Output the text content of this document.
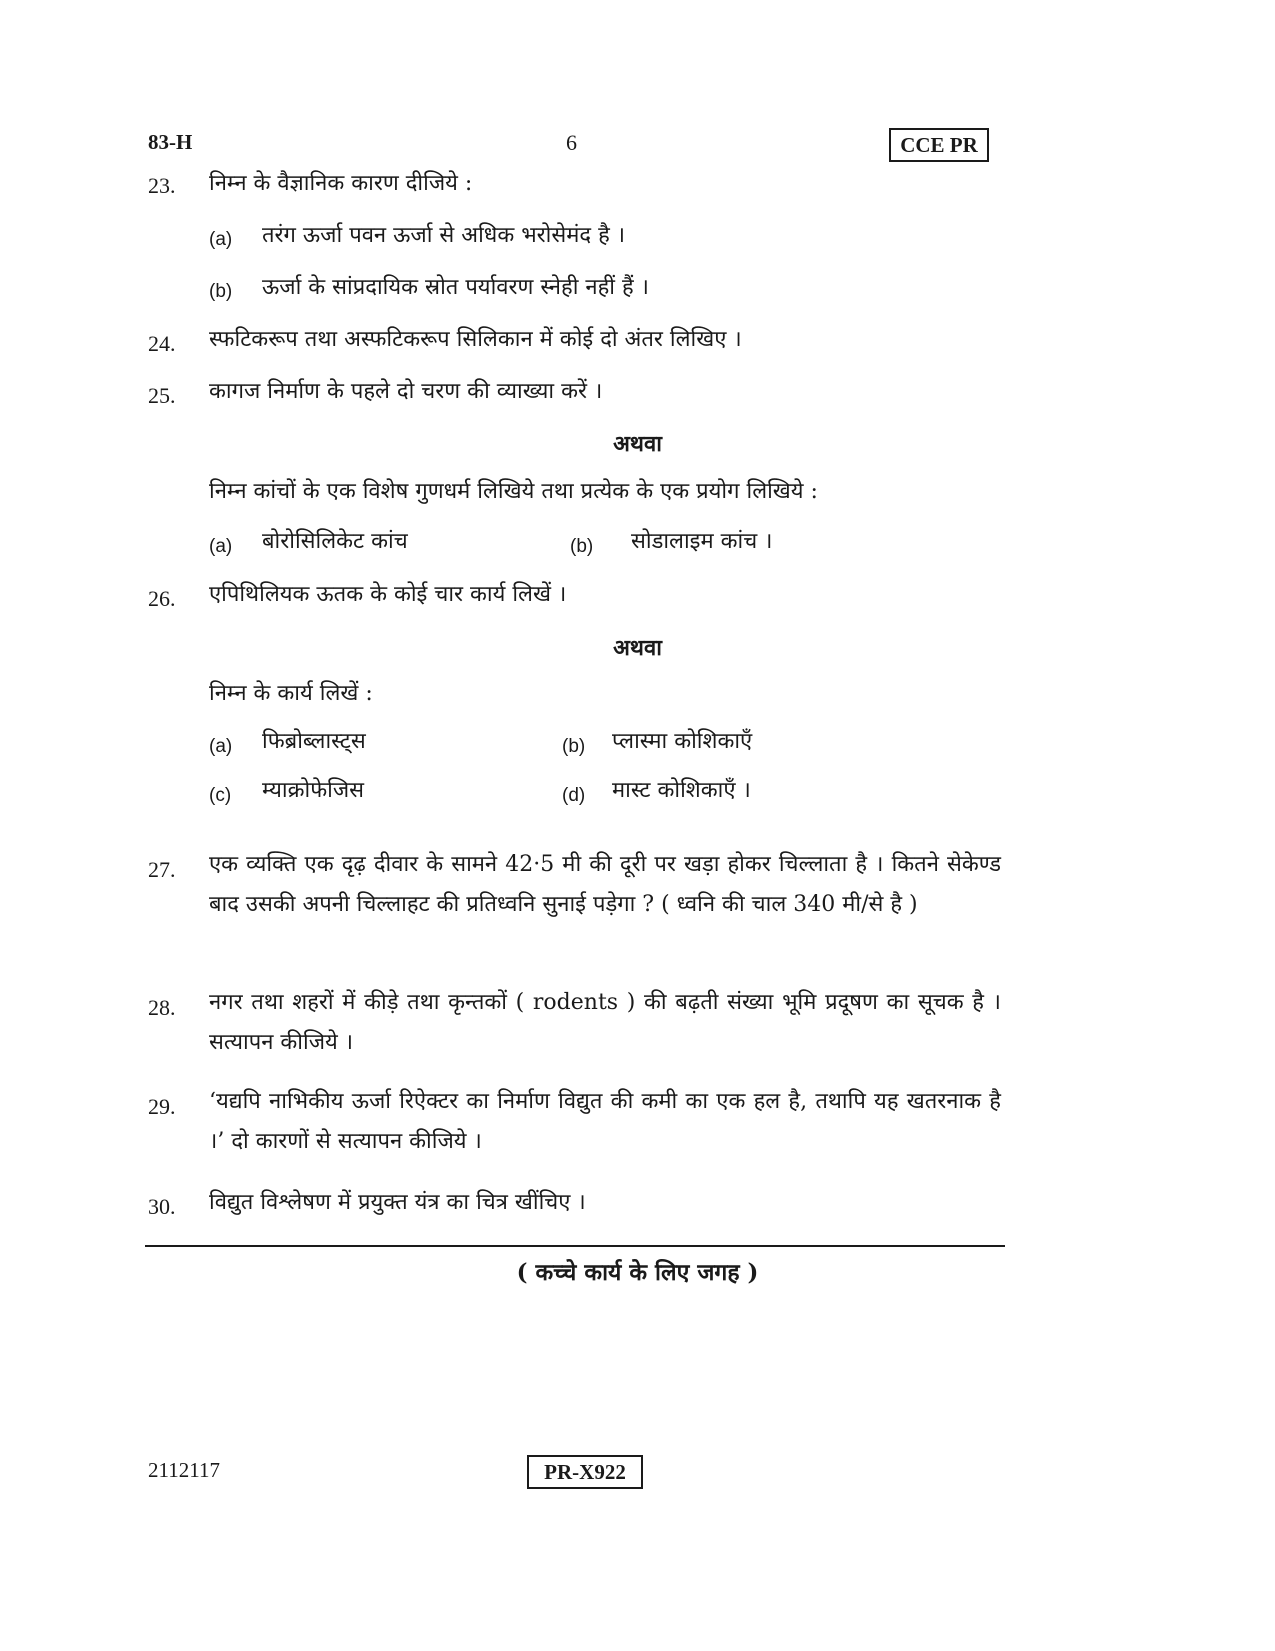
83-H	6	CCE PR
23. निम्न के वैज्ञानिक कारण दीजिये :
(a) तरंग ऊर्जा पवन ऊर्जा से अधिक भरोसेमंद है ।
(b) ऊर्जा के सांप्रदायिक स्रोत पर्यावरण स्नेही नहीं हैं ।
24. स्फटिकरूप तथा अस्फटिकरूप सिलिकान में कोई दो अंतर लिखिए ।
25. कागज निर्माण के पहले दो चरण की व्याख्या करें ।
अथवा
निम्न कांचों के एक विशेष गुणधर्म लिखिये तथा प्रत्येक के एक प्रयोग लिखिये :
(a) बोरोसिलिकेट कांच	(b) सोडालाइम कांच ।
26. एपिथिलियक ऊतक के कोई चार कार्य लिखें ।
अथवा
निम्न के कार्य लिखें :
(a) फिब्रोब्लास्ट्स	(b) प्लास्मा कोशिकाएँ
(c) म्याक्रोफेजिस	(d) मास्ट कोशिकाएँ ।
27. एक व्यक्ति एक दृढ़ दीवार के सामने 42·5 मी की दूरी पर खड़ा होकर चिल्लाता है । कितने सेकेण्ड बाद उसकी अपनी चिल्लाहट की प्रतिध्वनि सुनाई पड़ेगा ? ( ध्वनि की चाल 340 मी/से है )
28. नगर तथा शहरों में कीड़े तथा कृन्तकों ( rodents ) की बढ़ती संख्या भूमि प्रदूषण का सूचक है । सत्यापन कीजिये ।
29. ‘यद्यपि नाभिकीय ऊर्जा रिऐक्टर का निर्माण विद्युत की कमी का एक हल है, तथापि यह खतरनाक है ।’ दो कारणों से सत्यापन कीजिये ।
30. विद्युत विश्लेषण में प्रयुक्त यंत्र का चित्र खींचिए ।
( कच्चे कार्य के लिए जगह )
2112117	PR-X922
